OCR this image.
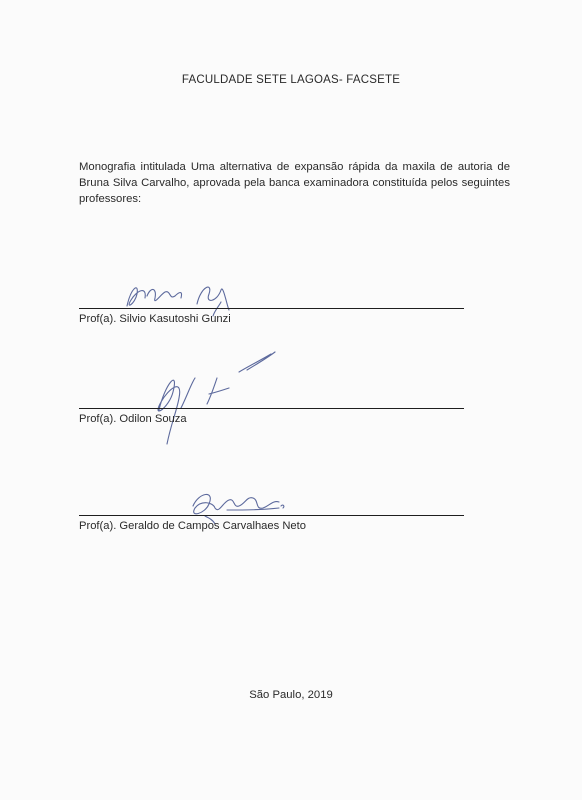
FACULDADE SETE LAGOAS- FACSETE
Monografia intitulada Uma alternativa de expansão rápida da maxila de autoria de Bruna Silva Carvalho, aprovada pela banca examinadora constituída pelos seguintes professores:
Prof(a). Silvio Kasutoshi Gunzi
Prof(a). Odilon Souza
Prof(a). Geraldo de Campos Carvalhaes Neto
São Paulo, 2019
